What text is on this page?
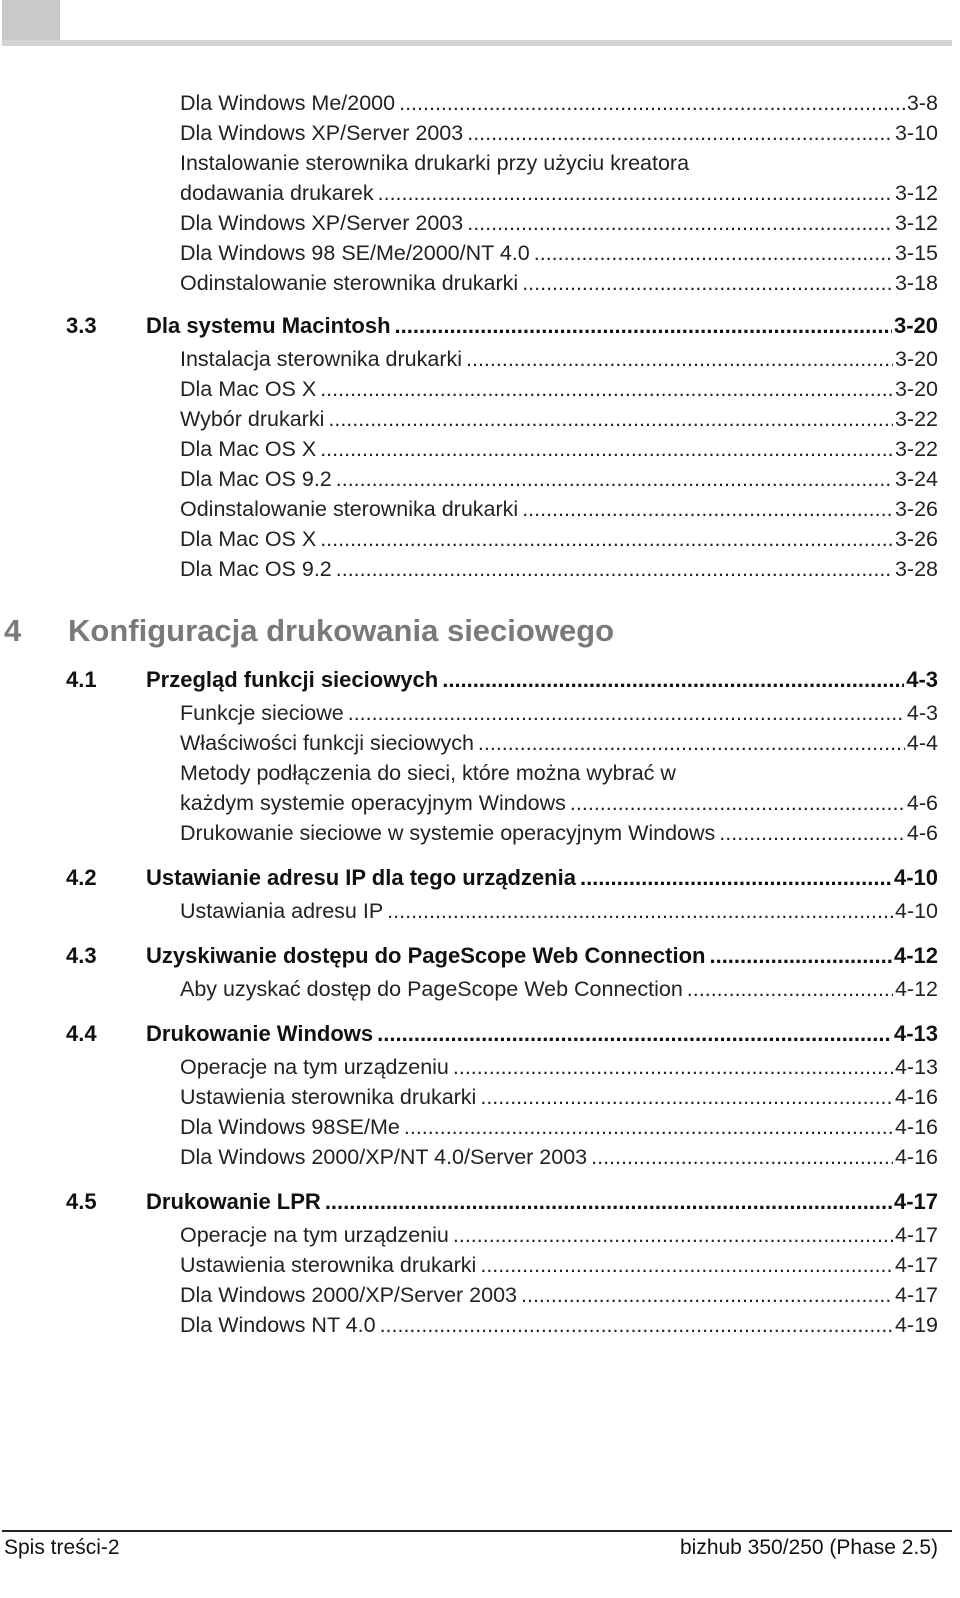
Dla Windows Me/2000 .....	3-8
Dla Windows XP/Server 2003 .....	3-10
Instalowanie sterownika drukarki przy użyciu kreatora
dodawania drukarek .....	3-12
Dla Windows XP/Server 2003 .....	3-12
Dla Windows 98 SE/Me/2000/NT 4.0 .....	3-15
Odinstalowanie sterownika drukarki .....	3-18
3.3 Dla systemu Macintosh .....	3-20
Instalacja sterownika drukarki .....	3-20
Dla Mac OS X .....	3-20
Wybór drukarki .....	3-22
Dla Mac OS X .....	3-22
Dla Mac OS 9.2 .....	3-24
Odinstalowanie sterownika drukarki .....	3-26
Dla Mac OS X .....	3-26
Dla Mac OS 9.2 .....	3-28
4 Konfiguracja drukowania sieciowego
4.1 Przegląd funkcji sieciowych .....	4-3
Funkcje sieciowe .....	4-3
Właściwości funkcji sieciowych .....	4-4
Metody podłączenia do sieci, które można wybrać w
każdym systemie operacyjnym Windows .....	4-6
Drukowanie sieciowe w systemie operacyjnym Windows .....	4-6
4.2 Ustawianie adresu IP dla tego urządzenia .....	4-10
Ustawiania adresu IP .....	4-10
4.3 Uzyskiwanie dostępu do PageScope Web Connection .....	4-12
Aby uzyskać dostęp do PageScope Web Connection .....	4-12
4.4 Drukowanie Windows .....	4-13
Operacje na tym urządzeniu .....	4-13
Ustawienia sterownika drukarki .....	4-16
Dla Windows 98SE/Me .....	4-16
Dla Windows 2000/XP/NT 4.0/Server 2003 .....	4-16
4.5 Drukowanie LPR .....	4-17
Operacje na tym urządzeniu .....	4-17
Ustawienia sterownika drukarki .....	4-17
Dla Windows 2000/XP/Server 2003 .....	4-17
Dla Windows NT 4.0 .....	4-19
Spis treści-2	bizhub 350/250 (Phase 2.5)
